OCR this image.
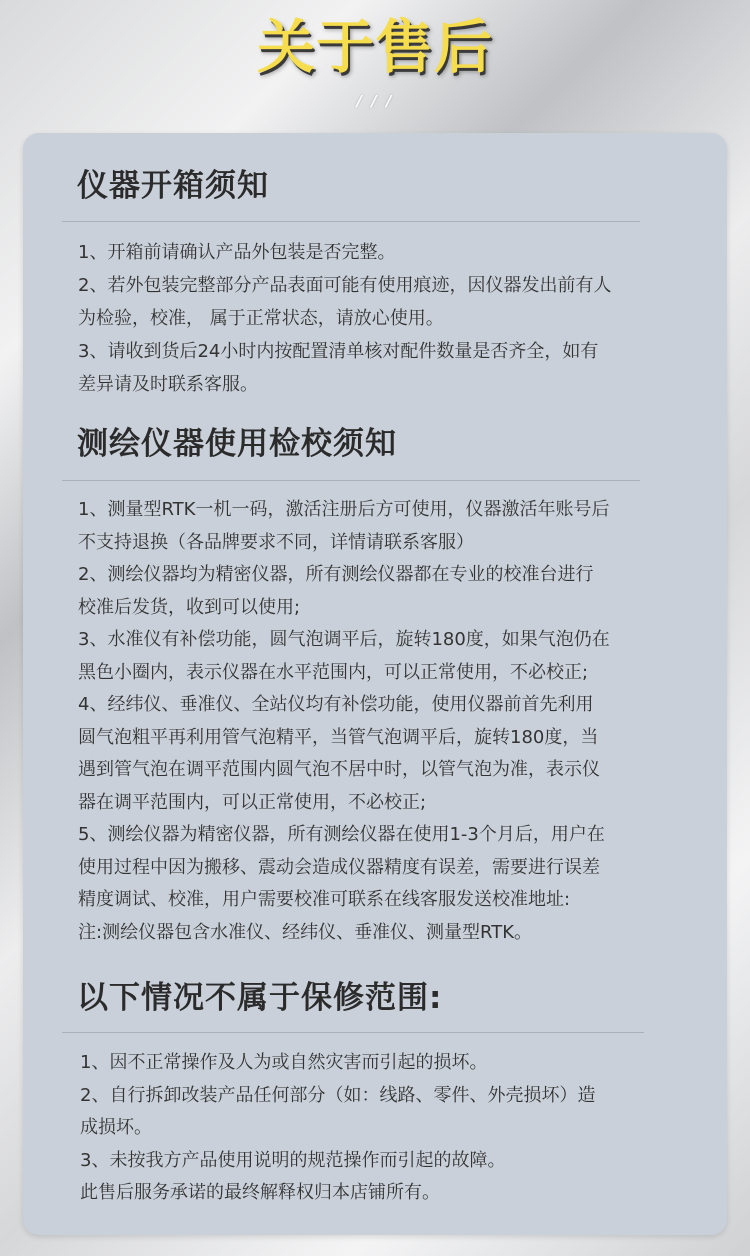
关于售后
/ / /
仪器开箱须知
1、开箱前请确认产品外包装是否完整。
2、若外包装完整部分产品表面可能有使用痕迹，因仪器发出前有人
为检验，校准， 属于正常状态，请放心使用。
3、请收到货后24小时内按配置清单核对配件数量是否齐全，如有
差异请及时联系客服。
测绘仪器使用检校须知
1、测量型RTK一机一码，激活注册后方可使用，仪器激活年账号后
不支持退换（各品牌要求不同，详情请联系客服）
2、测绘仪器均为精密仪器，所有测绘仪器都在专业的校准台进行
校准后发货，收到可以使用;
3、水准仪有补偿功能，圆气泡调平后，旋转180度，如果气泡仍在
黑色小圈内，表示仪器在水平范围内，可以正常使用，不必校正;
4、经纬仪、垂准仪、全站仪均有补偿功能，使用仪器前首先利用
圆气泡粗平再利用管气泡精平，当管气泡调平后，旋转180度，当
遇到管气泡在调平范围内圆气泡不居中时，以管气泡为准，表示仪
器在调平范围内，可以正常使用，不必校正;
5、测绘仪器为精密仪器，所有测绘仪器在使用1-3个月后，用户在
使用过程中因为搬移、震动会造成仪器精度有误差，需要进行误差
精度调试、校准，用户需要校准可联系在线客服发送校准地址:
注:测绘仪器包含水准仪、经纬仪、垂准仪、测量型RTK。
以下情况不属于保修范围:
1、因不正常操作及人为或自然灾害而引起的损坏。
2、自行拆卸改装产品任何部分（如：线路、零件、外壳损坏）造
成损坏。
3、未按我方产品使用说明的规范操作而引起的故障。
此售后服务承诺的最终解释权归本店铺所有。
